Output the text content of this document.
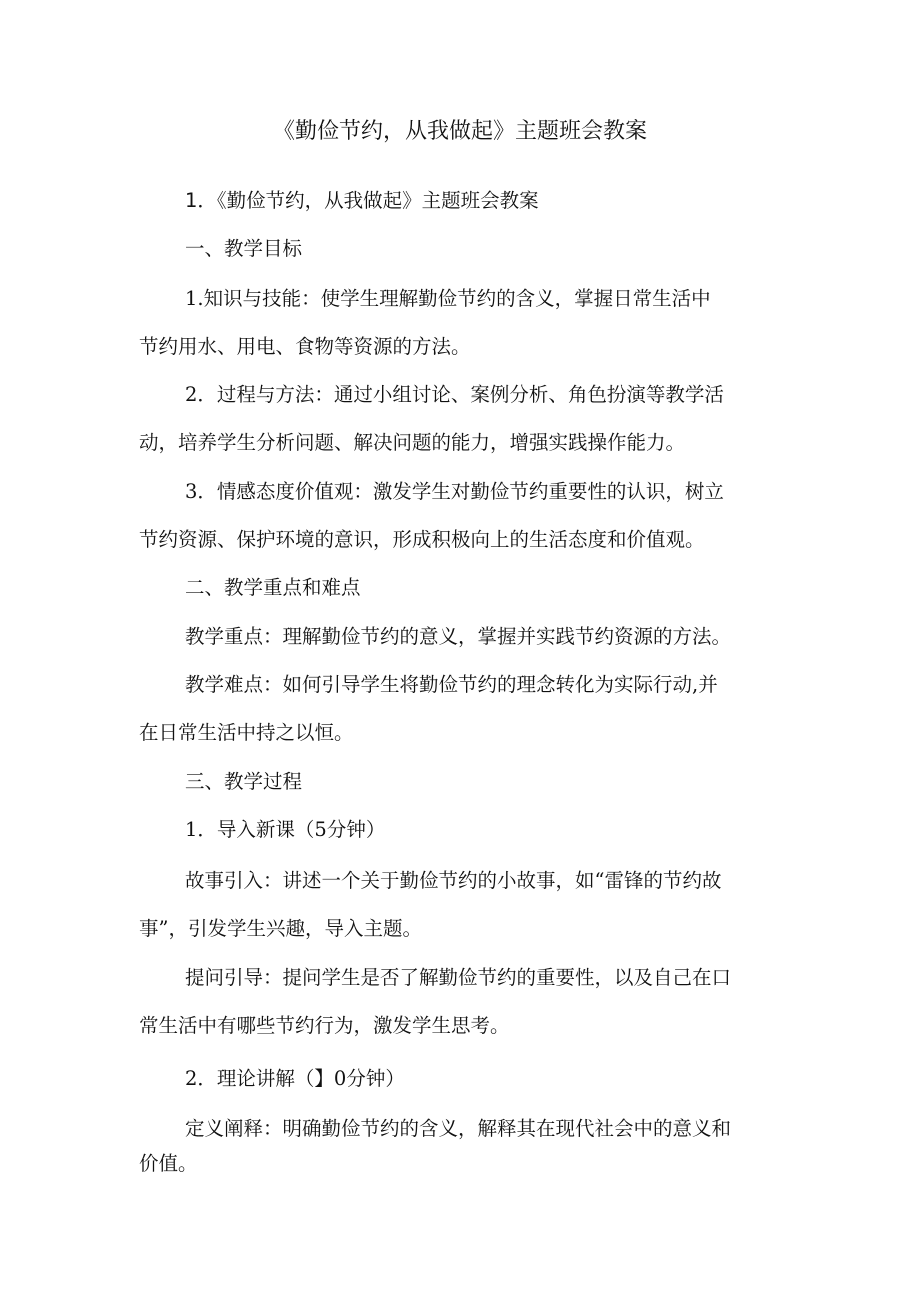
《勤俭节约，从我做起》主题班会教案
1．《勤俭节约，从我做起》主题班会教案
一、教学目标
1.知识与技能：使学生理解勤俭节约的含义，掌握日常生活中
节约用水、用电、食物等资源的方法。
2．过程与方法：通过小组讨论、案例分析、角色扮演等教学活
动，培养学生分析问题、解决问题的能力，增强实践操作能力。
3．情感态度价值观：激发学生对勤俭节约重要性的认识，树立
节约资源、保护环境的意识，形成积极向上的生活态度和价值观。
二、教学重点和难点
教学重点：理解勤俭节约的意义，掌握并实践节约资源的方法。
教学难点：如何引导学生将勤俭节约的理念转化为实际行动,并
在日常生活中持之以恒。
三、教学过程
1．导入新课（5分钟）
故事引入：讲述一个关于勤俭节约的小故事，如“雷锋的节约故
事”，引发学生兴趣，导入主题。
提问引导：提问学生是否了解勤俭节约的重要性，以及自己在口
常生活中有哪些节约行为，激发学生思考。
2．理论讲解（】0分钟）
定义阐释：明确勤俭节约的含义，解释其在现代社会中的意义和
价值。
